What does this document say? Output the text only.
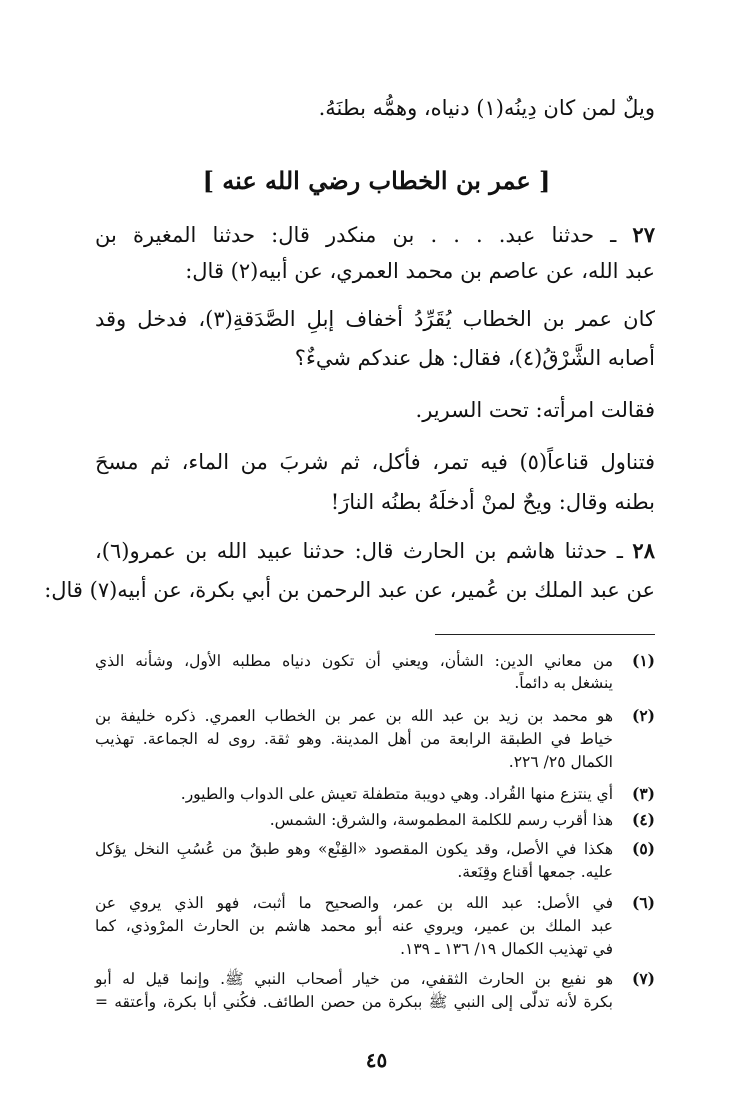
ويلٌ لمن كان دِينُه(١) دنياه، وهمُّه بطنَهُ.
[ عمر بن الخطاب رضي الله عنه ]
٢٧ ـ حدثنا عبد. . . . بن منكدر قال: حدثنا المغيرة بن
عبد الله، عن عاصم بن محمد العمري، عن أبيه(٢) قال:
كان عمر بن الخطاب يُقَرِّدُ أخفاف إبلِ الصَّدَقةِ(٣)، فدخل وقد
أصابه الشَّرْقُ(٤)، فقال: هل عندكم شيءٌ؟
فقالت امرأته: تحت السرير.
فتناول قناعاً(٥) فيه تمر، فأكل، ثم شربَ من الماء، ثم مسحَ
بطنه وقال: ويحٌ لمنْ أدخلَهُ بطنُه النارَ!
٢٨ ـ حدثنا هاشم بن الحارث قال: حدثنا عبيد الله بن عمرو(٦)،
عن عبد الملك بن عُمير، عن عبد الرحمن بن أبي بكرة، عن أبيه(٧) قال:
(١)
من معاني الدين: الشأن، ويعني أن تكون دنياه مطلبه الأول، وشأنه الذي
ينشغل به دائماً.
(٢)
هو محمد بن زيد بن عبد الله بن عمر بن الخطاب العمري. ذكره خليفة بن
خياط في الطبقة الرابعة من أهل المدينة. وهو ثقة. روى له الجماعة. تهذيب
الكمال ٢٥/ ٢٢٦.
(٣)
أي ينتزع منها القُراد. وهي دويبة متطفلة تعيش على الدواب والطيور.
(٤)
هذا أقرب رسم للكلمة المطموسة، والشرق: الشمس.
(٥)
هكذا في الأصل، وقد يكون المقصود «القِنْع» وهو طبقٌ من عُسُبِ النخل يؤكل
عليه. جمعها أقناع وقِنَعة.
(٦)
في الأصل: عبد الله بن عمر، والصحيح ما أثبت، فهو الذي يروي عن
عبد الملك بن عمير، ويروي عنه أبو محمد هاشم بن الحارث المرْوذي، كما
في تهذيب الكمال ١٩/ ١٣٦ ـ ١٣٩.
(٧)
هو نفيع بن الحارث الثقفي، من خيار أصحاب النبي ﷺ. وإنما قيل له أبو
بكرة لأنه تدلّى إلى النبي ﷺ ببكرة من حصن الطائف. فكُني أبا بكرة، وأعتقه =
٤٥
